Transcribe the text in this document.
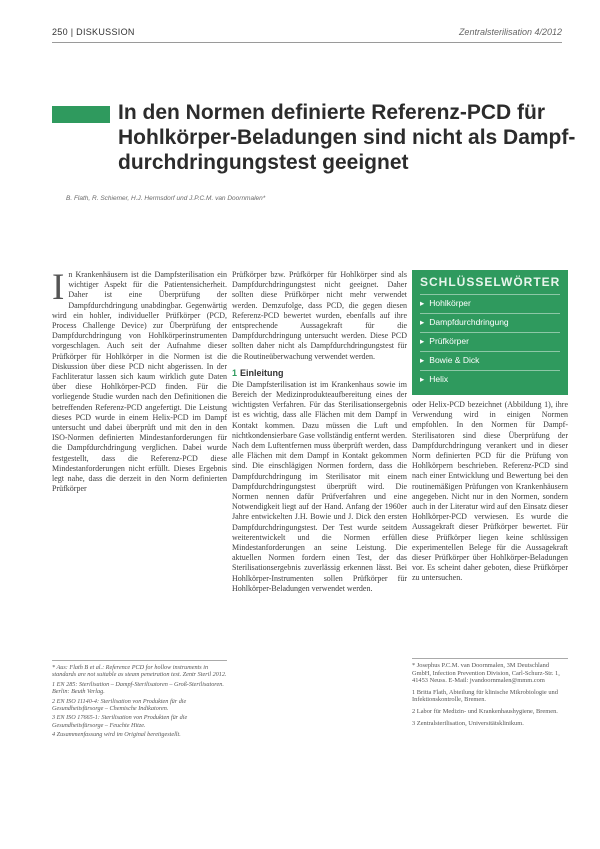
250 | DISKUSSION	Zentralsterilisation 4/2012
In den Normen definierte Referenz-PCD für Hohlkörper-Beladungen sind nicht als Dampf-durchdringungstest geeignet
B. Flath, R. Schiemer, H.J. Hermsdorf und J.P.C.M. van Doornmalen*

In Krankenhäusern ist die Dampfsterilisation ein wichtiger Aspekt für die Patientensicherheit. Daher ist eine Überprüfung der Dampfdurchdringung unabdingbar. Gegenwärtig wird ein hohler, individueller Prüfkörper (PCD, Process Challenge Device) zur Überprüfung der Dampfdurchdringung von Hohlkörperinstrumenten vorgeschlagen. Auch seit der Aufnahme dieser Prüfkörper für Hohlkörper in die Normen ist die Diskussion über diese PCD nicht abgerissen. In der Fachliteratur lassen sich kaum wirklich gute Daten über diese Hohlkörper-PCD finden. Für die vorliegende Studie wurden nach den Definitionen die betreffenden Referenz-PCD angefertigt. Die Leistung dieses PCD wurde in einem Helix-PCD im Dampf untersucht und dabei überprüft und mit den in den ISO-Normen definierten Mindestanforderungen für die Dampfdurchdringung verglichen. Dabei wurde festgestellt, dass die Referenz-PCD diese Mindestanforderungen nicht erfüllt. Dieses Ergebnis legt nahe, dass die derzeit in den Norm definierten Prüfkörper

* Aus: Flath B et al.: Reference PCD for hollow instruments in standards are not suitable as steam penetration test. Zentr Steril 2012.

1 EN 285: Sterilisation – Dampf-Sterilisatoren – Groß-Sterilisatoren. Berlin: Beuth Verlag.

2 EN ISO 11140-4: Sterilisation von Produkten für die Gesundheitsfürsorge – Chemische Indikatoren.

3 EN ISO 17665-1: Sterilisation von Produkten für die Gesundheitsfürsorge – Feuchte Hitze.

4 Zusammenfassung wird im Original bereitgestellt.

Prüfkörper bzw. Prüfkörper für Hohlkörper sind als Dampfdurchdringungstest nicht geeignet. Daher sollten diese Prüfkörper nicht mehr verwendet werden. Demzufolge, dass PCD, die gegen diesen Referenz-PCD bewertet wurden, ebenfalls auf ihre entsprechende Aussagekraft für die Dampfdurchdringung untersucht werden. Diese PCD sollten daher nicht als Dampfdurchdringungstest für die Routineüberwachung verwendet werden.

1 Einleitung

Die Dampfsterilisation ist im Krankenhaus sowie im Bereich der Medizinprodukteaufbereitung eines der wichtigsten Verfahren. Für das Sterilisationsergebnis ist es wichtig, dass alle Flächen mit dem Dampf in Kontakt kommen. Dazu müssen die Luft und nichtkondensierbare Gase vollständig entfernt werden. Nach dem Luftentfernen muss überprüft werden, dass alle Flächen mit dem Dampf in Kontakt gekommen sind. Die einschlägigen Normen fordern, dass die Dampfdurchdringung im Sterilisator mit einem Dampfdurchdringungstest überprüft wird. Die Normen nennen dafür Prüfverfahren und eine Notwendigkeit liegt auf der Hand. Anfang der 1960er Jahre entwickelten J.H. Bowie und J. Dick den ersten Dampfdurchdringungstest. Der Test wurde seitdem weiterentwickelt und die Normen erfüllen Mindestanforderungen an seine Leistung. Die aktuellen Normen fordern einen Test, der das Sterilisationsergebnis zuverlässig erkennen lässt. Bei Hohlkörper-Instrumenten sollen Prüfkörper für Hohlkörper-Beladungen verwendet werden.

SCHLÜSSELWÖRTER
▸ Hohlkörper
▸ Dampfdurchdringung
▸ Prüfkörper
▸ Bowie & Dick
▸ Helix

oder Helix-PCD bezeichnet (Abbildung 1), ihre Verwendung wird in einigen Normen empfohlen. In den Normen für Dampf-Sterilisatoren sind diese Überprüfung der Dampfdurchdringung verankert und in dieser Norm definierten PCD für die Prüfung von Hohlkörpern beschrieben. Referenz-PCD sind nach einer Entwicklung und Bewertung bei den routinemäßigen Prüfungen von Krankenhäusern angegeben. Nicht nur in den Normen, sondern auch in der Literatur wird auf den Einsatz dieser Hohlkörper-PCD verwiesen. Es wurde die Aussagekraft dieser Prüfkörper bewertet. Für diese Prüfkörper liegen keine schlüssigen experimentellen Belege für die Aussagekraft dieser Prüfkörper über Hohlkörper-Beladungen vor. Es scheint daher geboten, diese Prüfkörper zu untersuchen.

* Josephus P.C.M. van Doornmalen, 3M Deutschland GmbH, Infection Prevention Division, Carl-Schurz-Str. 1, 41453 Neuss. E-Mail: jvandoornmalen@mmm.com

1 Britta Flath, Abteilung für klinische Mikrobiologie und Infektionskontrolle, Bremen.

2 Labor für Medizin- und Krankenhaushygiene, Bremen.

3 Zentralsterilisation, Universitätsklinikum.
